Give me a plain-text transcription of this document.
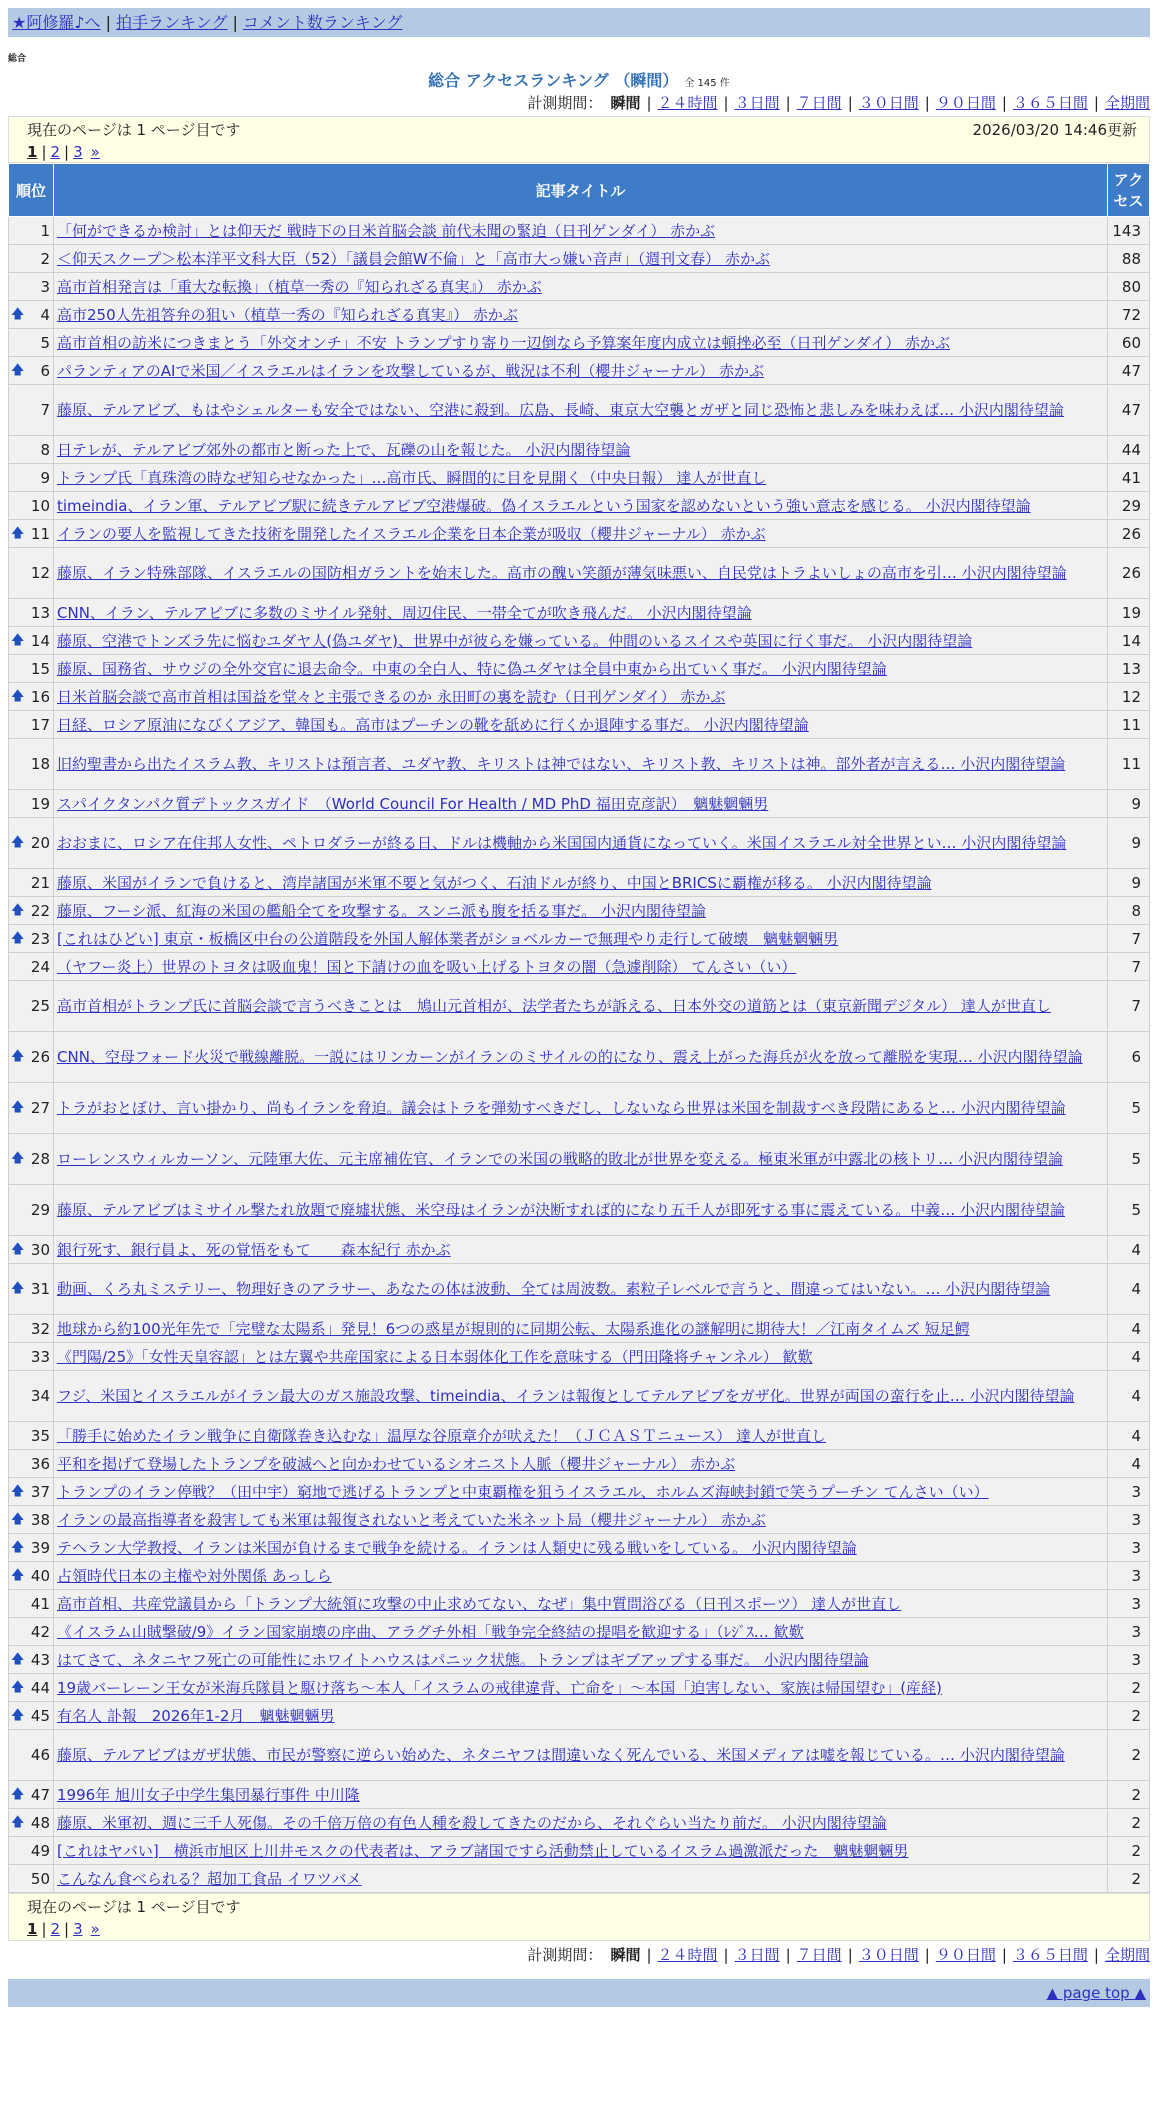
★阿修羅♪へ | 拍手ランキング | コメント数ランキング
総合
総合 アクセスランキング （瞬間） 全 145 件
計測期間： 瞬間 | ２４時間 | ３日間 | ７日間 | ３０日間 | ９０日間 | ３６５日間 | 全期間
現在のページは 1 ページ目です	2026/03/20 14:46更新
1 | 2 | 3 »
順位	記事タイトル	アクセス
1	「何ができるか検討」とは仰天だ 戦時下の日米首脳会談 前代未聞の緊迫（日刊ゲンダイ） 赤かぶ	143
2	＜仰天スクープ＞松本洋平文科大臣（52）「議員会館W不倫」と「高市大っ嫌い音声」（週刊文春） 赤かぶ	88
3	高市首相発言は「重大な転換」（植草一秀の『知られざる真実』） 赤かぶ	80

🡅 4	高市250人先祖答弁の狙い（植草一秀の『知られざる真実』） 赤かぶ	72
5	高市首相の訪米につきまとう「外交オンチ」不安 トランプすり寄り一辺倒なら予算案年度内成立は頓挫必至（日刊ゲンダイ） 赤かぶ	60

🡅 6	パランティアのAIで米国／イスラエルはイランを攻撃しているが、戦況は不利（櫻井ジャーナル） 赤かぶ	47
7	藤原、テルアビブ、もはやシェルターも安全ではない、空港に殺到。広島、長崎、東京大空襲とガザと同じ恐怖と悲しみを味わえば… 小沢内閣待望論	47
8	日テレが、テルアビブ郊外の都市と断った上で、瓦礫の山を報じた。 小沢内閣待望論	44
9	トランプ氏「真珠湾の時なぜ知らせなかった」…高市氏、瞬間的に目を見開く（中央日報） 達人が世直し	41
10	timeindia、イラン軍、テルアビブ駅に続きテルアビブ空港爆破。偽イスラエルという国家を認めないという強い意志を感じる。 小沢内閣待望論	29

🡅 11	イランの要人を監視してきた技術を開発したイスラエル企業を日本企業が吸収（櫻井ジャーナル） 赤かぶ	26
12	藤原、イラン特殊部隊、イスラエルの国防相ガラントを始末した。高市の醜い笑顔が薄気味悪い、自民党はトラよいしょの高市を引… 小沢内閣待望論	26
13	CNN、イラン、テルアビブに多数のミサイル発射、周辺住民、一帯全てが吹き飛んだ。 小沢内閣待望論	19

🡅 14	藤原、空港でトンズラ先に悩むユダヤ人(偽ユダヤ)、世界中が彼らを嫌っている。仲間のいるスイスや英国に行く事だ。 小沢内閣待望論	14
15	藤原、国務省、サウジの全外交官に退去命令。中東の全白人、特に偽ユダヤは全員中東から出ていく事だ。 小沢内閣待望論	13

🡅 16	日米首脳会談で高市首相は国益を堂々と主張できるのか 永田町の裏を読む（日刊ゲンダイ） 赤かぶ	12
17	日経、ロシア原油になびくアジア、韓国も。高市はプーチンの靴を舐めに行くか退陣する事だ。 小沢内閣待望論	11
18	旧約聖書から出たイスラム教、キリストは預言者、ユダヤ教、キリストは神ではない、キリスト教、キリストは神。部外者が言える… 小沢内閣待望論	11
19	スパイクタンパク質デトックスガイド　（World Council For Health / MD PhD 福田克彦訳）　魑魅魍魎男	9

🡅 20	おおまに、ロシア在住邦人女性、ペトロダラーが終る日、ドルは機軸から米国国内通貨になっていく。米国イスラエル対全世界とい… 小沢内閣待望論	9
21	藤原、米国がイランで負けると、湾岸諸国が米軍不要と気がつく、石油ドルが終り、中国とBRICSに覇権が移る。 小沢内閣待望論	9

🡅 22	藤原、フーシ派、紅海の米国の艦船全てを攻撃する。スンニ派も腹を括る事だ。 小沢内閣待望論	8

🡅 23	[これはひどい] 東京・板橋区中台の公道階段を外国人解体業者がショベルカーで無理やり走行して破壊　魑魅魍魎男	7
24	（ヤフー炎上）世界のトヨタは吸血鬼！国と下請けの血を吸い上げるトヨタの闇（急遽削除） てんさい（い）	7
25	高市首相がトランプ氏に首脳会談で言うべきことは　鳩山元首相が、法学者たちが訴える、日本外交の道筋とは（東京新聞デジタル） 達人が世直し	7

🡅 26	CNN、空母フォード火災で戦線離脱。一説にはリンカーンがイランのミサイルの的になり、震え上がった海兵が火を放って離脱を実現… 小沢内閣待望論	6

🡅 27	トラがおとぼけ、言い掛かり、尚もイランを脅迫。議会はトラを弾劾すべきだし、しないなら世界は米国を制裁すべき段階にあると… 小沢内閣待望論	5

🡅 28	ローレンスウィルカーソン、元陸軍大佐、元主席補佐官、イランでの米国の戦略的敗北が世界を変える。極東米軍が中露北の核トリ… 小沢内閣待望論	5
29	藤原、テルアビブはミサイル撃たれ放題で廃墟状態、米空母はイランが決断すれば的になり五千人が即死する事に震えている。中義… 小沢内閣待望論	5

🡅 30	銀行死す、銀行員よ、死の覚悟をもて　　森本紀行 赤かぶ	4

🡅 31	動画、くろ丸ミステリー、物理好きのアラサー、あなたの体は波動、全ては周波数。素粒子レベルで言うと、間違ってはいない。… 小沢内閣待望論	4
32	地球から約100光年先で「完璧な太陽系」発見！6つの惑星が規則的に同期公転、太陽系進化の謎解明に期待大！／江南タイムズ 短足鰐	4
33	《門陽/25》「女性天皇容認」とは左翼や共産国家による日本弱体化工作を意味する（門田隆将チャンネル） 歓歎	4
34	フジ、米国とイスラエルがイラン最大のガス施設攻撃、timeindia、イランは報復としてテルアビブをガザ化。世界が両国の蛮行を止… 小沢内閣待望論	4
35	「勝手に始めたイラン戦争に自衛隊巻き込むな」温厚な谷原章介が吠えた！（ＪＣＡＳＴニュース） 達人が世直し	4
36	平和を掲げて登場したトランプを破滅へと向かわせているシオニスト人脈（櫻井ジャーナル） 赤かぶ	4

🡅 37	トランプのイラン停戦？（田中宇）窮地で逃げるトランプと中東覇権を狙うイスラエル、ホルムズ海峡封鎖で笑うプーチン てんさい（い）	3

🡅 38	イランの最高指導者を殺害しても米軍は報復されないと考えていた米ネット局（櫻井ジャーナル） 赤かぶ	3

🡅 39	テヘラン大学教授、イランは米国が負けるまで戦争を続ける。イランは人類史に残る戦いをしている。 小沢内閣待望論	3

🡅 40	占領時代日本の主権や対外関係 あっしら	3
41	高市首相、共産党議員から「トランプ大統領に攻撃の中止求めてない、なぜ」集中質問浴びる（日刊スポーツ） 達人が世直し	3
42	《イスラム山賊撃破/9》イラン国家崩壊の序曲、アラグチ外相「戦争完全終結の提唱を歓迎する」（ﾚｼﾞｽ… 歓歎	3

🡅 43	はてさて、ネタニヤフ死亡の可能性にホワイトハウスはパニック状態。トランプはギブアップする事だ。 小沢内閣待望論	3

🡅 44	19歳バーレーン王女が米海兵隊員と駆け落ち～本人「イスラムの戒律違背、亡命を」～本国「迫害しない、家族は帰国望む」(産経)	2

🡅 45	有名人 訃報　2026年1-2月　魑魅魍魎男	2
46	藤原、テルアビブはガザ状態、市民が警察に逆らい始めた、ネタニヤフは間違いなく死んでいる、米国メディアは嘘を報じている。… 小沢内閣待望論	2

🡅 47	1996年 旭川女子中学生集団暴行事件 中川隆	2

🡅 48	藤原、米軍初、週に三千人死傷。その千倍万倍の有色人種を殺してきたのだから、それぐらい当たり前だ。 小沢内閣待望論	2
49	[これはヤバい]　横浜市旭区上川井モスクの代表者は、アラブ諸国ですら活動禁止しているイスラム過激派だった　魑魅魍魎男	2
50	こんなん食べられる？超加工食品 イワツバメ	2
現在のページは 1 ページ目です
1 | 2 | 3 »
計測期間： 瞬間 | ２４時間 | ３日間 | ７日間 | ３０日間 | ９０日間 | ３６５日間 | 全期間
▲ page top ▲
